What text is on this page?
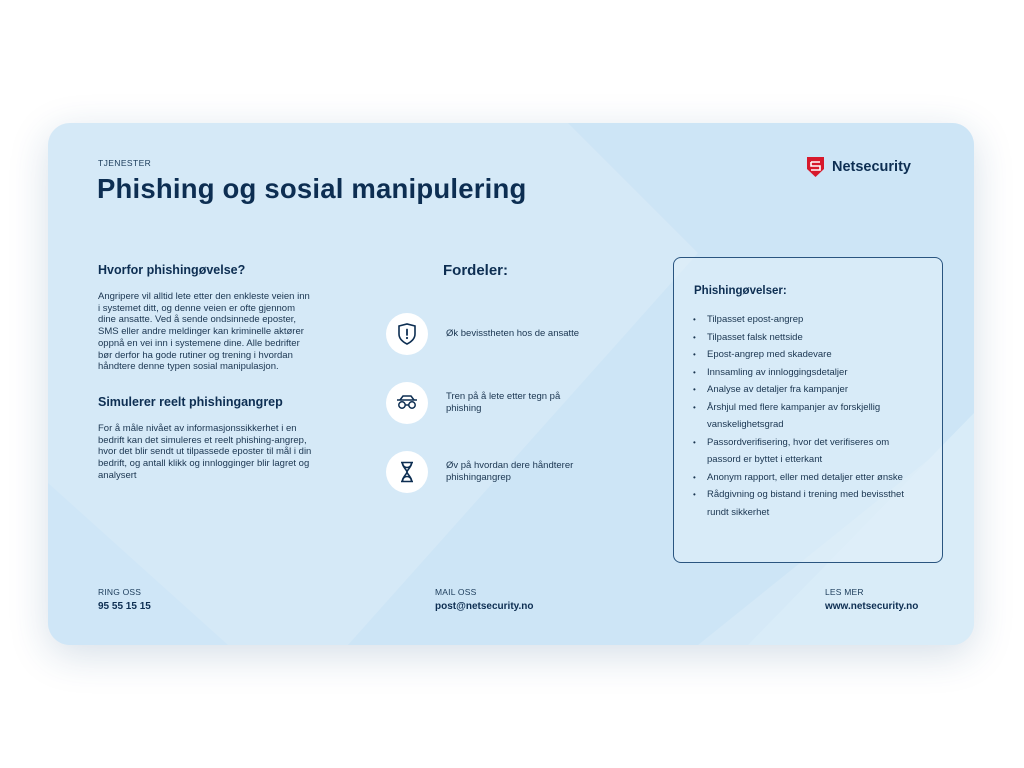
TJENESTER
Phishing og sosial manipulering
Netsecurity

Hvorfor phishingøvelse?

Angripere vil alltid lete etter den enkleste veien inn i systemet ditt, og denne veien er ofte gjennom dine ansatte. Ved å sende ondsinnede eposter, SMS eller andre meldinger kan kriminelle aktører oppnå en vei inn i systemene dine. Alle bedrifter bør derfor ha gode rutiner og trening i hvordan håndtere denne typen sosial manipulasjon.

Simulerer reelt phishingangrep

For å måle nivået av informasjonssikkerhet i en bedrift kan det simuleres et reelt phishing-angrep, hvor det blir sendt ut tilpassede eposter til mål i din bedrift, og antall klikk og innlogginger blir lagret og analysert

Fordeler:
Øk bevisstheten hos de ansatte
Tren på å lete etter tegn på phishing
Øv på hvordan dere håndterer phishingangrep
Phishingøvelser:
• Tilpasset epost-angrep
• Tilpasset falsk nettside
• Epost-angrep med skadevare
• Innsamling av innloggingsdetaljer
• Analyse av detaljer fra kampanjer
• Årshjul med flere kampanjer av forskjellig vanskelighetsgrad
• Passordverifisering, hvor det verifiseres om passord er byttet i etterkant
• Anonym rapport, eller med detaljer etter ønske
• Rådgivning og bistand i trening med bevissthet rundt sikkerhet
RING OSS
95 55 15 15
MAIL OSS
post@netsecurity.no
LES MER
www.netsecurity.no
